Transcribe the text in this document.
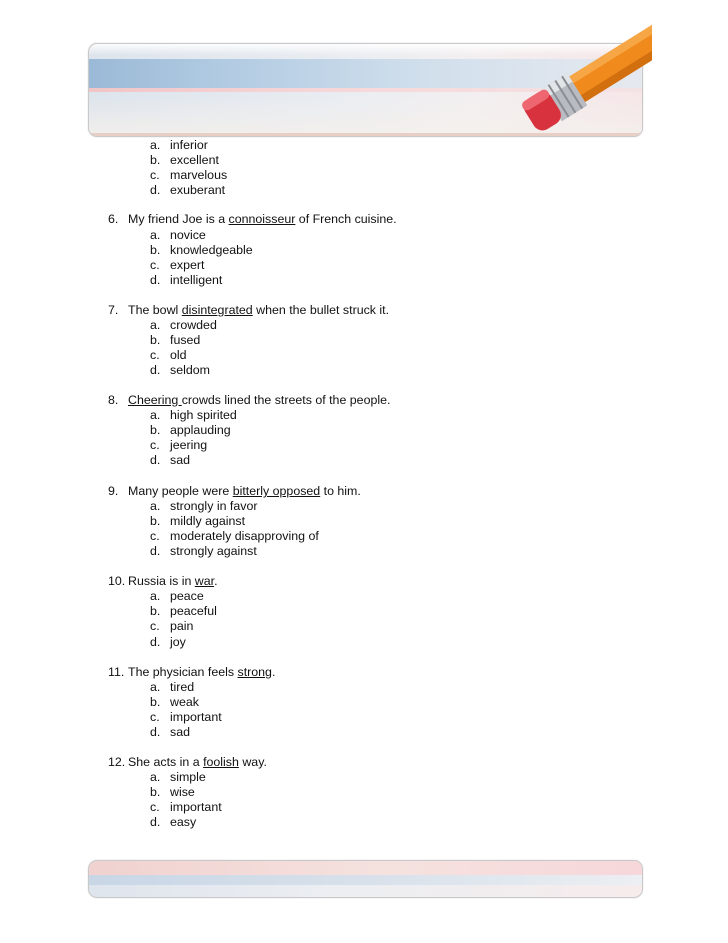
a. inferior
b. excellent
c. marvelous
d. exuberant
6. My friend Joe is a connoisseur of French cuisine.
a. novice
b. knowledgeable
c. expert
d. intelligent
7. The bowl disintegrated when the bullet struck it.
a. crowded
b. fused
c. old
d. seldom
8. Cheering crowds lined the streets of the people.
a. high spirited
b. applauding
c. jeering
d. sad
9. Many people were bitterly opposed to him.
a. strongly in favor
b. mildly against
c. moderately disapproving of
d. strongly against
10. Russia is in war.
a. peace
b. peaceful
c. pain
d. joy
11. The physician feels strong.
a. tired
b. weak
c. important
d. sad
12. She acts in a foolish way.
a. simple
b. wise
c. important
d. easy
